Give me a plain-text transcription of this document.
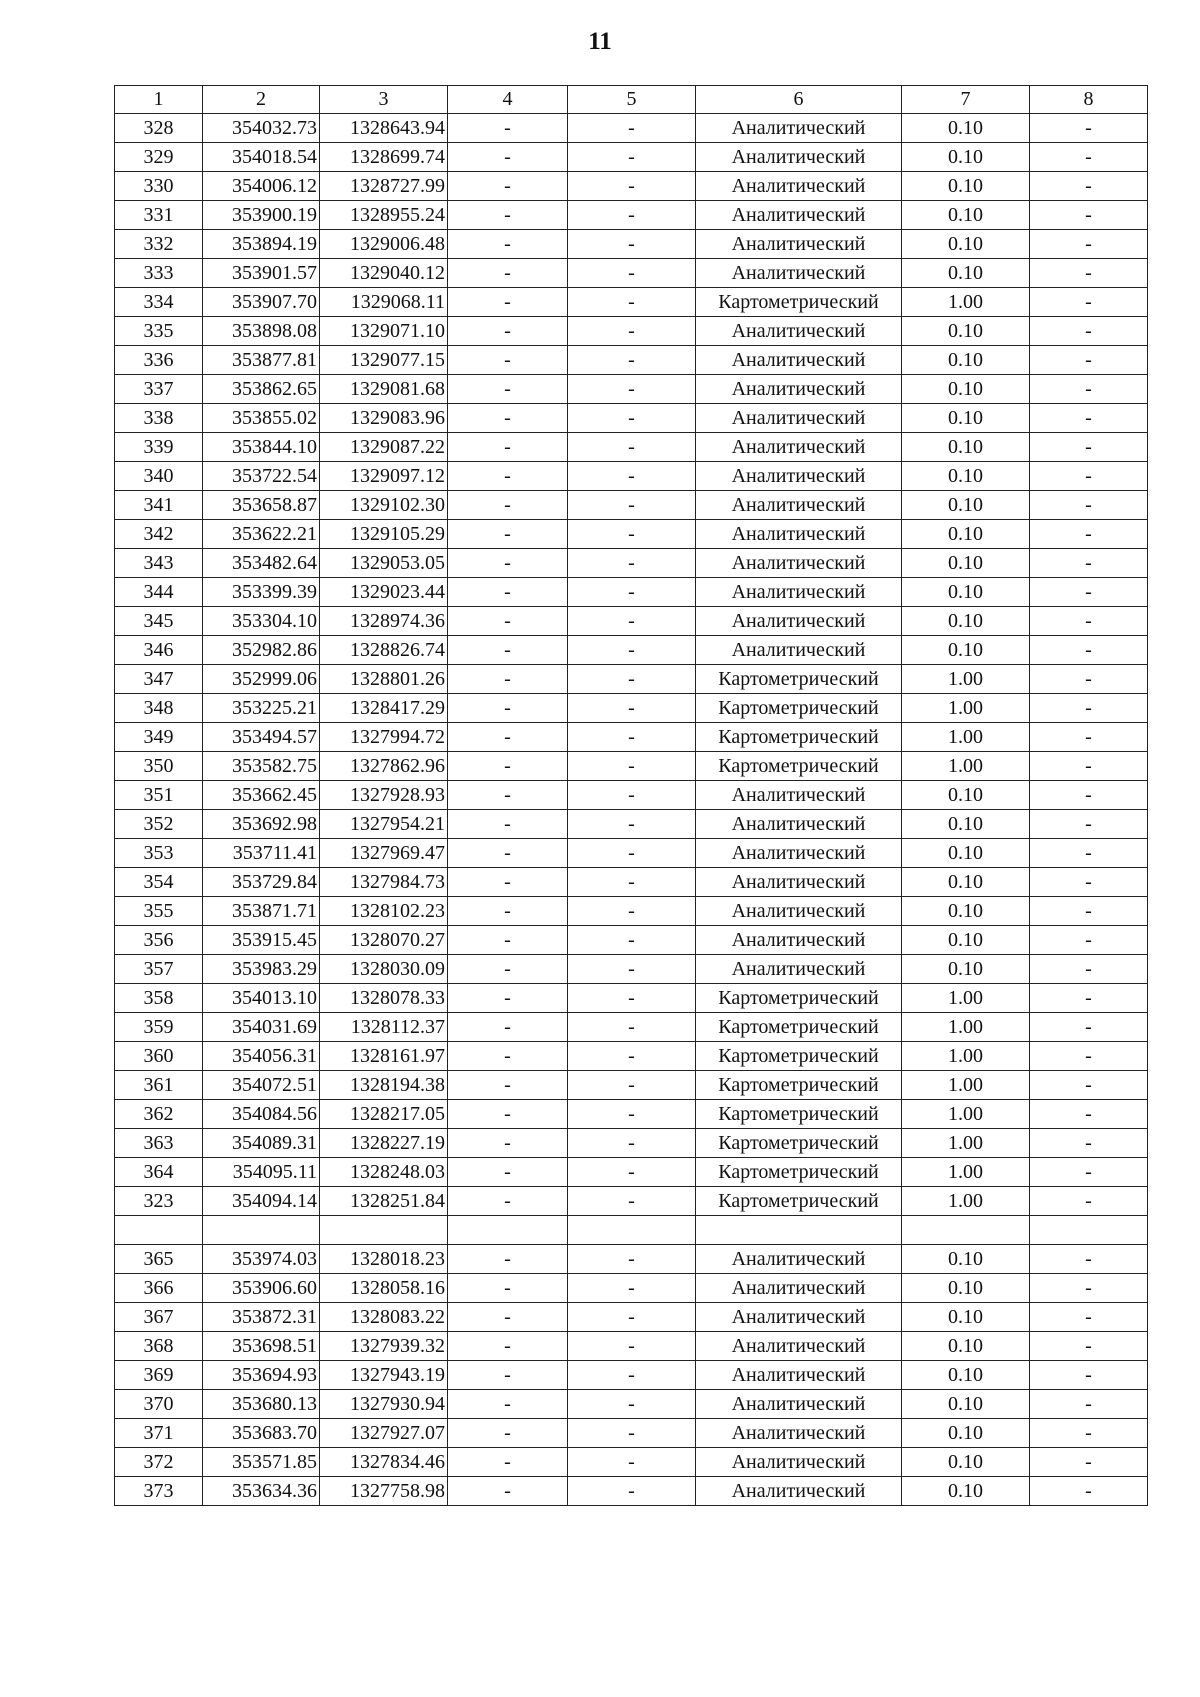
11
1	2	3	4	5	6	7	8
328	354032.73	1328643.94	-	-	Аналитический	0.10	-
329	354018.54	1328699.74	-	-	Аналитический	0.10	-
330	354006.12	1328727.99	-	-	Аналитический	0.10	-
331	353900.19	1328955.24	-	-	Аналитический	0.10	-
332	353894.19	1329006.48	-	-	Аналитический	0.10	-
333	353901.57	1329040.12	-	-	Аналитический	0.10	-
334	353907.70	1329068.11	-	-	Картометрический	1.00	-
335	353898.08	1329071.10	-	-	Аналитический	0.10	-
336	353877.81	1329077.15	-	-	Аналитический	0.10	-
337	353862.65	1329081.68	-	-	Аналитический	0.10	-
338	353855.02	1329083.96	-	-	Аналитический	0.10	-
339	353844.10	1329087.22	-	-	Аналитический	0.10	-
340	353722.54	1329097.12	-	-	Аналитический	0.10	-
341	353658.87	1329102.30	-	-	Аналитический	0.10	-
342	353622.21	1329105.29	-	-	Аналитический	0.10	-
343	353482.64	1329053.05	-	-	Аналитический	0.10	-
344	353399.39	1329023.44	-	-	Аналитический	0.10	-
345	353304.10	1328974.36	-	-	Аналитический	0.10	-
346	352982.86	1328826.74	-	-	Аналитический	0.10	-
347	352999.06	1328801.26	-	-	Картометрический	1.00	-
348	353225.21	1328417.29	-	-	Картометрический	1.00	-
349	353494.57	1327994.72	-	-	Картометрический	1.00	-
350	353582.75	1327862.96	-	-	Картометрический	1.00	-
351	353662.45	1327928.93	-	-	Аналитический	0.10	-
352	353692.98	1327954.21	-	-	Аналитический	0.10	-
353	353711.41	1327969.47	-	-	Аналитический	0.10	-
354	353729.84	1327984.73	-	-	Аналитический	0.10	-
355	353871.71	1328102.23	-	-	Аналитический	0.10	-
356	353915.45	1328070.27	-	-	Аналитический	0.10	-
357	353983.29	1328030.09	-	-	Аналитический	0.10	-
358	354013.10	1328078.33	-	-	Картометрический	1.00	-
359	354031.69	1328112.37	-	-	Картометрический	1.00	-
360	354056.31	1328161.97	-	-	Картометрический	1.00	-
361	354072.51	1328194.38	-	-	Картометрический	1.00	-
362	354084.56	1328217.05	-	-	Картометрический	1.00	-
363	354089.31	1328227.19	-	-	Картометрический	1.00	-
364	354095.11	1328248.03	-	-	Картометрический	1.00	-
323	354094.14	1328251.84	-	-	Картометрический	1.00	-

365	353974.03	1328018.23	-	-	Аналитический	0.10	-
366	353906.60	1328058.16	-	-	Аналитический	0.10	-
367	353872.31	1328083.22	-	-	Аналитический	0.10	-
368	353698.51	1327939.32	-	-	Аналитический	0.10	-
369	353694.93	1327943.19	-	-	Аналитический	0.10	-
370	353680.13	1327930.94	-	-	Аналитический	0.10	-
371	353683.70	1327927.07	-	-	Аналитический	0.10	-
372	353571.85	1327834.46	-	-	Аналитический	0.10	-
373	353634.36	1327758.98	-	-	Аналитический	0.10	-
